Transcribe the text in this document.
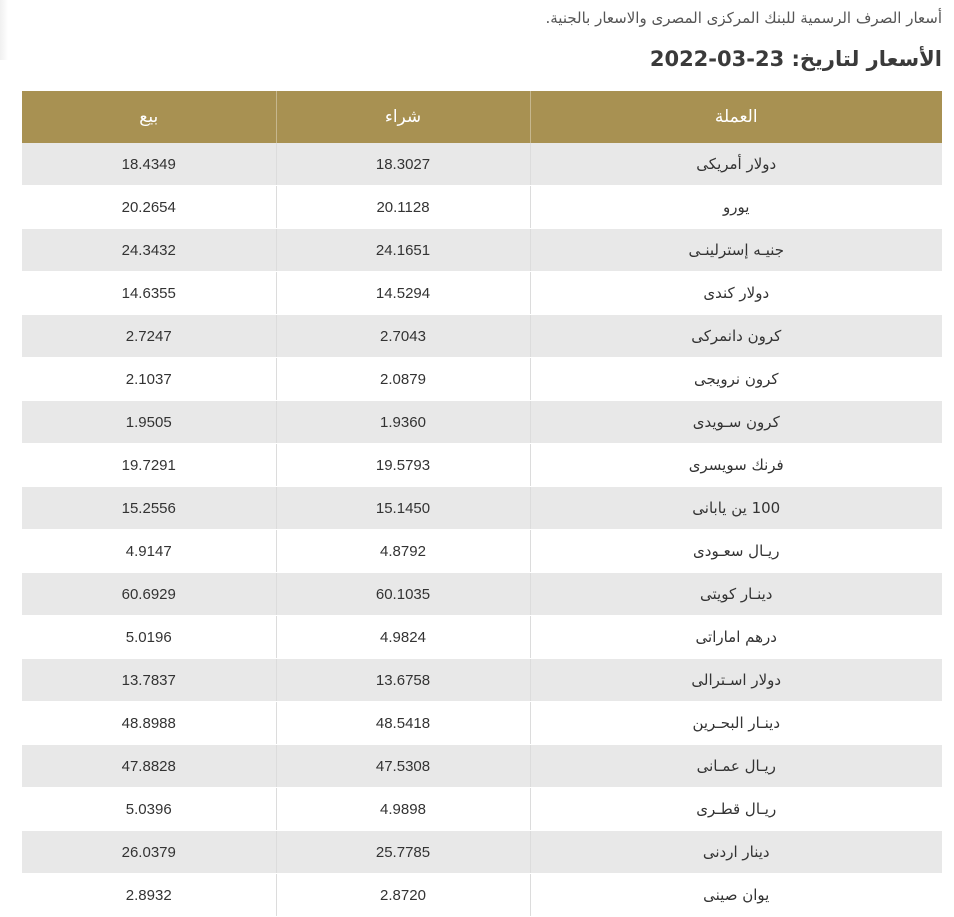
أسعار الصرف الرسمية للبنك المركزى المصرى والاسعار بالجنية.
الأسعار لتاريخ: 23-03-2022
العملة	شراء	بيع
دولار أمريكى	18.3027	18.4349
يورو	20.1128	20.2654
جنيـه إسترلينـى	24.1651	24.3432
دولار كندى	14.5294	14.6355
كرون دانمركى	2.7043	2.7247
كرون نرويجى	2.0879	2.1037
كرون سـويدى	1.9360	1.9505
فرنك سويسرى	19.5793	19.7291
100 ين يابانى	15.1450	15.2556
ريـال سعـودى	4.8792	4.9147
دينـار كويتى	60.1035	60.6929
درهم اماراتى	4.9824	5.0196
دولار اسـترالى	13.6758	13.7837
دينـار البحـرين	48.5418	48.8988
ريـال عمـانى	47.5308	47.8828
ريـال قطـرى	4.9898	5.0396
دينار اردنى	25.7785	26.0379
يوان صينى	2.8720	2.8932
